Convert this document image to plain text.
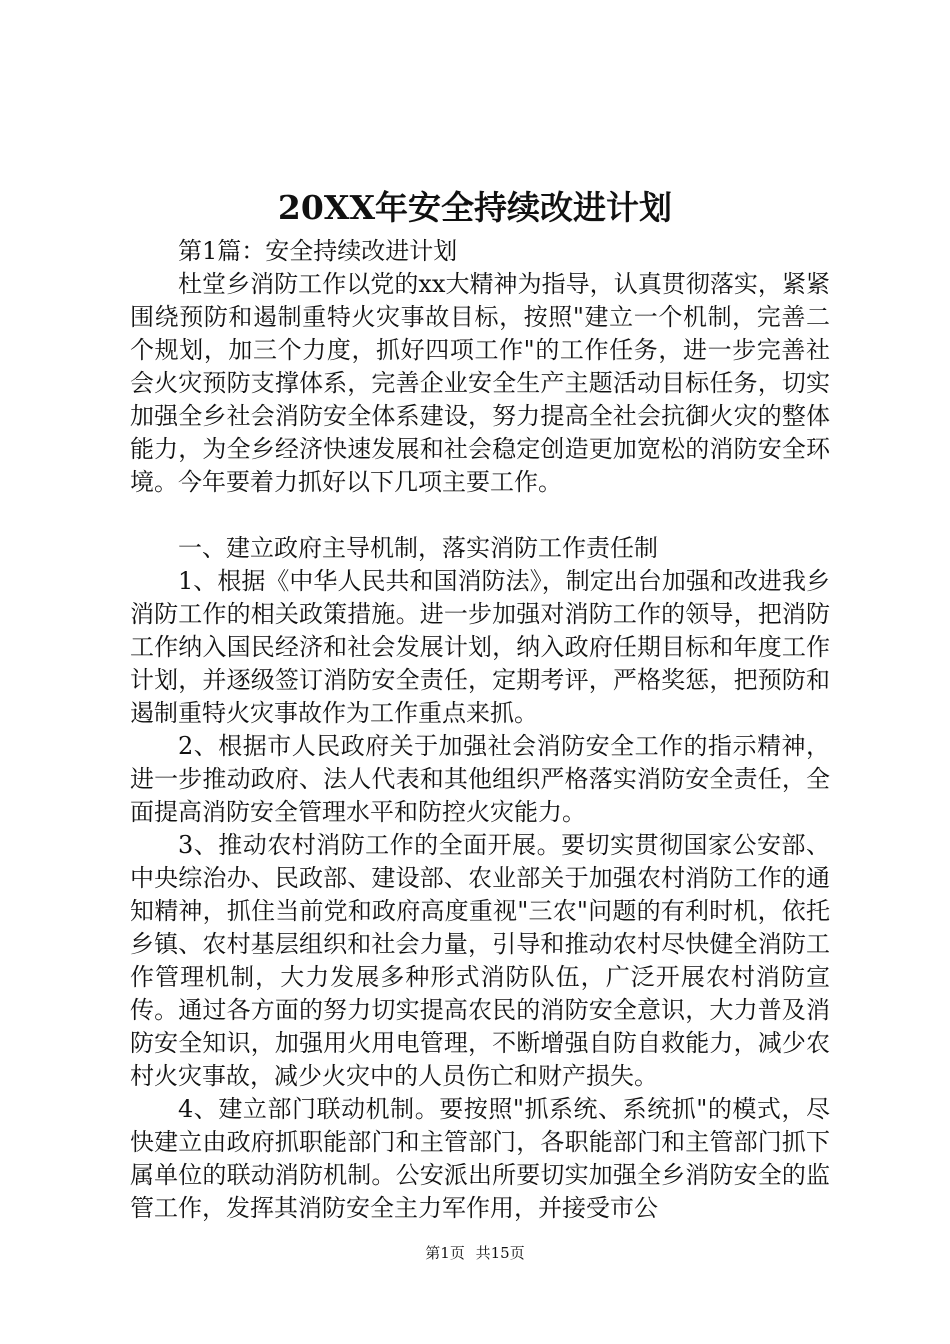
20XX年安全持续改进计划

第1篇：安全持续改进计划

杜堂乡消防工作以党的xx大精神为指导，认真贯彻落实，紧紧围绕预防和遏制重特火灾事故目标，按照"建立一个机制，完善二个规划，加三个力度，抓好四项工作"的工作任务，进一步完善社会火灾预防支撑体系，完善企业安全生产主题活动目标任务，切实加强全乡社会消防安全体系建设，努力提高全社会抗御火灾的整体能力，为全乡经济快速发展和社会稳定创造更加宽松的消防安全环境。今年要着力抓好以下几项主要工作。

一、建立政府主导机制，落实消防工作责任制

1、根据《中华人民共和国消防法》，制定出台加强和改进我乡消防工作的相关政策措施。进一步加强对消防工作的领导，把消防工作纳入国民经济和社会发展计划，纳入政府任期目标和年度工作计划，并逐级签订消防安全责任，定期考评，严格奖惩，把预防和遏制重特火灾事故作为工作重点来抓。

2、根据市人民政府关于加强社会消防安全工作的指示精神，进一步推动政府、法人代表和其他组织严格落实消防安全责任，全面提高消防安全管理水平和防控火灾能力。

3、推动农村消防工作的全面开展。要切实贯彻国家公安部、中央综治办、民政部、建设部、农业部关于加强农村消防工作的通知精神，抓住当前党和政府高度重视"三农"问题的有利时机，依托乡镇、农村基层组织和社会力量，引导和推动农村尽快健全消防工作管理机制，大力发展多种形式消防队伍，广泛开展农村消防宣传。通过各方面的努力切实提高农民的消防安全意识，大力普及消防安全知识，加强用火用电管理，不断增强自防自救能力，减少农村火灾事故，减少火灾中的人员伤亡和财产损失。

4、建立部门联动机制。要按照"抓系统、系统抓"的模式，尽快建立由政府抓职能部门和主管部门，各职能部门和主管部门抓下属单位的联动消防机制。公安派出所要切实加强全乡消防安全的监管工作，发挥其消防安全主力军作用，并接受市公

第1页 共15页
